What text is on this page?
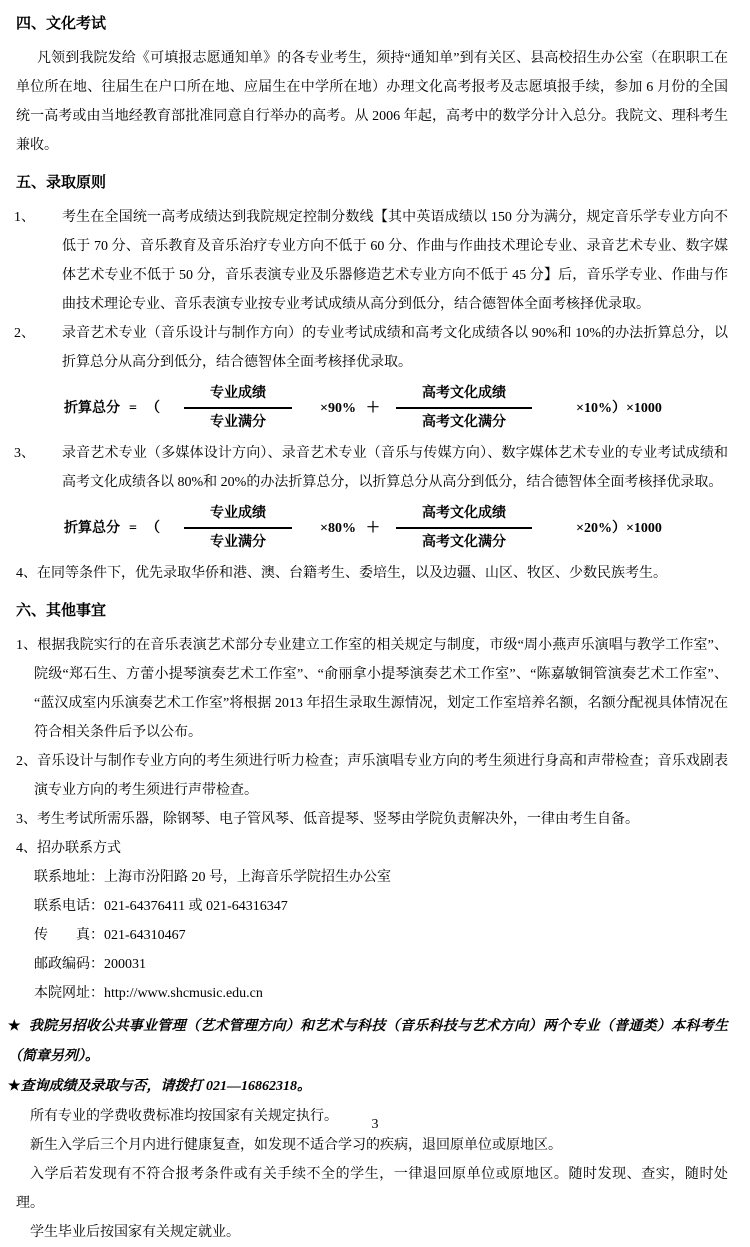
四、文化考试

凡领到我院发给《可填报志愿通知单》的各专业考生，须持“通知单”到有关区、县高校招生办公室（在职职工在单位所在地、往届生在户口所在地、应届生在中学所在地）办理文化高考报考及志愿填报手续，参加 6 月份的全国统一高考或由当地经教育部批准同意自行举办的高考。从 2006 年起，高考中的数学分计入总分。我院文、理科考生兼收。

五、录取原则
1、 考生在全国统一高考成绩达到我院规定控制分数线【其中英语成绩以 150 分为满分，规定音乐学专业方向不低于 70 分、音乐教育及音乐治疗专业方向不低于 60 分、作曲与作曲技术理论专业、录音艺术专业、数字媒体艺术专业不低于 50 分，音乐表演专业及乐器修造艺术专业方向不低于 45 分】后，音乐学专业、作曲与作曲技术理论专业、音乐表演专业按专业考试成绩从高分到低分，结合德智体全面考核择优录取。
2、 录音艺术专业（音乐设计与制作方向）的专业考试成绩和高考文化成绩各以 90%和 10%的办法折算总分，以折算总分从高分到低分，结合德智体全面考核择优录取。
折算总分 = （ $\frac{\text{专业成绩}}{\text{专业满分}} \times 90\% + \frac{\text{高考文化成绩}}{\text{高考文化满分}}$	×10%）×1000
3、 录音艺术专业（多媒体设计方向）、录音艺术专业（音乐与传媒方向）、数字媒体艺术专业的专业考试成绩和高考文化成绩各以 80%和 20%的办法折算总分，以折算总分从高分到低分，结合德智体全面考核择优录取。
折算总分 = （ $\frac{\text{专业成绩}}{\text{专业满分}} \times 80\% + \frac{\text{高考文化成绩}}{\text{高考文化满分}}$	×20%）×1000
4、在同等条件下，优先录取华侨和港、澳、台籍考生、委培生，以及边疆、山区、牧区、少数民族考生。
六、其他事宜
1、根据我院实行的在音乐表演艺术部分专业建立工作室的相关规定与制度，市级“周小燕声乐演唱与教学工作室”、院级“郑石生、方蕾小提琴演奏艺术工作室”、“俞丽拿小提琴演奏艺术工作室”、“陈嘉敏铜管演奏艺术工作室”、“蓝汉成室内乐演奏艺术工作室”将根据 2013 年招生录取生源情况，划定工作室培养名额，名额分配视具体情况在符合相关条件后予以公布。
2、音乐设计与制作专业方向的考生须进行听力检查；声乐演唱专业方向的考生须进行身高和声带检查；音乐戏剧表演专业方向的考生须进行声带检查。
3、考生考试所需乐器，除钢琴、电子管风琴、低音提琴、竖琴由学院负责解决外，一律由考生自备。
4、招办联系方式
联系地址：上海市汾阳路 20 号，上海音乐学院招生办公室
联系电话：021-64376411 或 021-64316347
传　　真：021-64310467
邮政编码：200031
本院网址：http://www.shcmusic.edu.cn
★ 我院另招收公共事业管理（艺术管理方向）和艺术与科技（音乐科技与艺术方向）两个专业（普通类）本科考生（简章另列）。
★查询成绩及录取与否，请拨打 021—16862318。

所有专业的学费收费标准均按国家有关规定执行。

新生入学后三个月内进行健康复查，如发现不适合学习的疾病，退回原单位或原地区。

入学后若发现有不符合报考条件或有关手续不全的学生，一律退回原单位或原地区。随时发现、查实，随时处理。

学生毕业后按国家有关规定就业。

3
